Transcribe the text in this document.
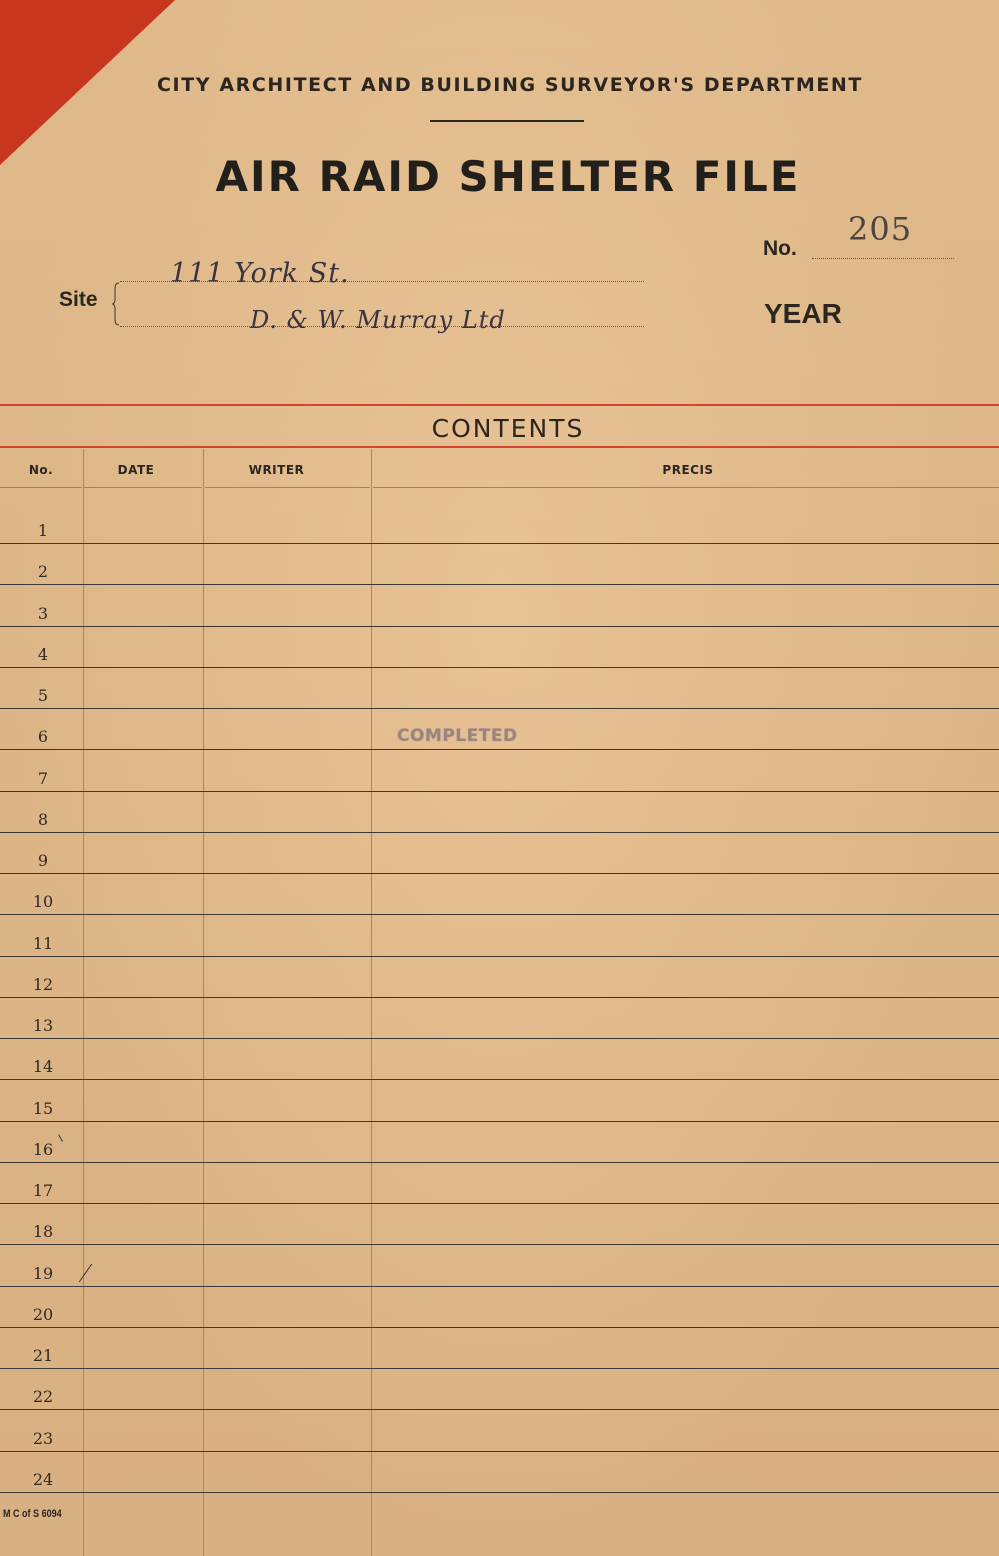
CITY ARCHITECT AND BUILDING SURVEYOR'S DEPARTMENT
AIR RAID SHELTER FILE
No.
205
YEAR
Site
111 York St.
D. & W. Murray Ltd
CONTENTS
No.	DATE	WRITER	PRECIS
1
2
3
4
5
6
7
8
9
10
11
12
13
14
15
16
17
18
19
20
21
22
23
24
COMPLETED
M C of S 6094
